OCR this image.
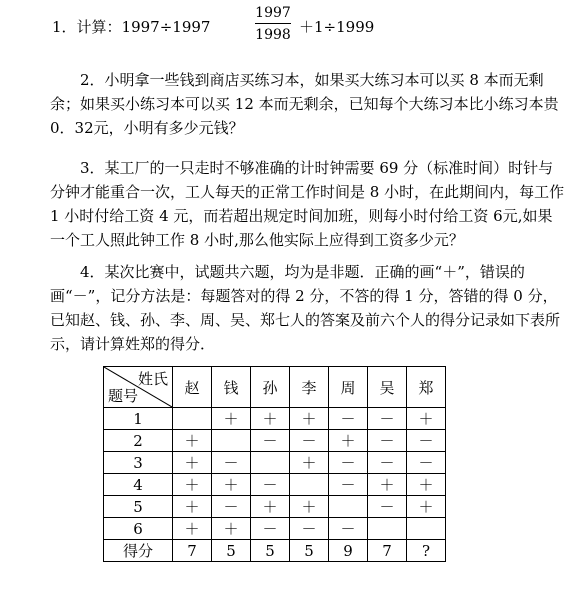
1．计算：1997÷1997	$\frac{1997}{1998} +1\div 1999$

2．小明拿一些钱到商店买练习本，如果买大练习本可以买 8 本而无剩余；如果买小练习本可以买 12 本而无剩余，已知每个大练习本比小练习本贵 0．32元，小明有多少元钱？

3．某工厂的一只走时不够准确的计时钟需要 69 分（标准时间）时针与分钟才能重合一次，工人每天的正常工作时间是 8 小时，在此期间内，每工作 1 小时付给工资 4 元，而若超出规定时间加班，则每小时付给工资 6元,如果一个工人照此钟工作 8 小时,那么他实际上应得到工资多少元？

4．某次比赛中，试题共六题，均为是非题．正确的画“＋”，错误的画“－”，记分方法是：每题答对的得 2 分，不答的得 1 分，答错的得 0 分，已知赵、钱、孙、李、周、吴、郑七人的答案及前六个人的得分记录如下表所示，请计算姓郑的得分．

姓氏
题号	赵	钱	孙	李	周	吴	郑
1		＋	＋	＋	－	－	＋
2	＋		－	－	＋	－	－
3	＋	－		＋	－	－	－
4	＋	＋	－		－	＋	＋
5	＋	－	＋	＋		－	＋
6	＋	＋	－	－	－		
得分	7	5	5	5	9	7	?
